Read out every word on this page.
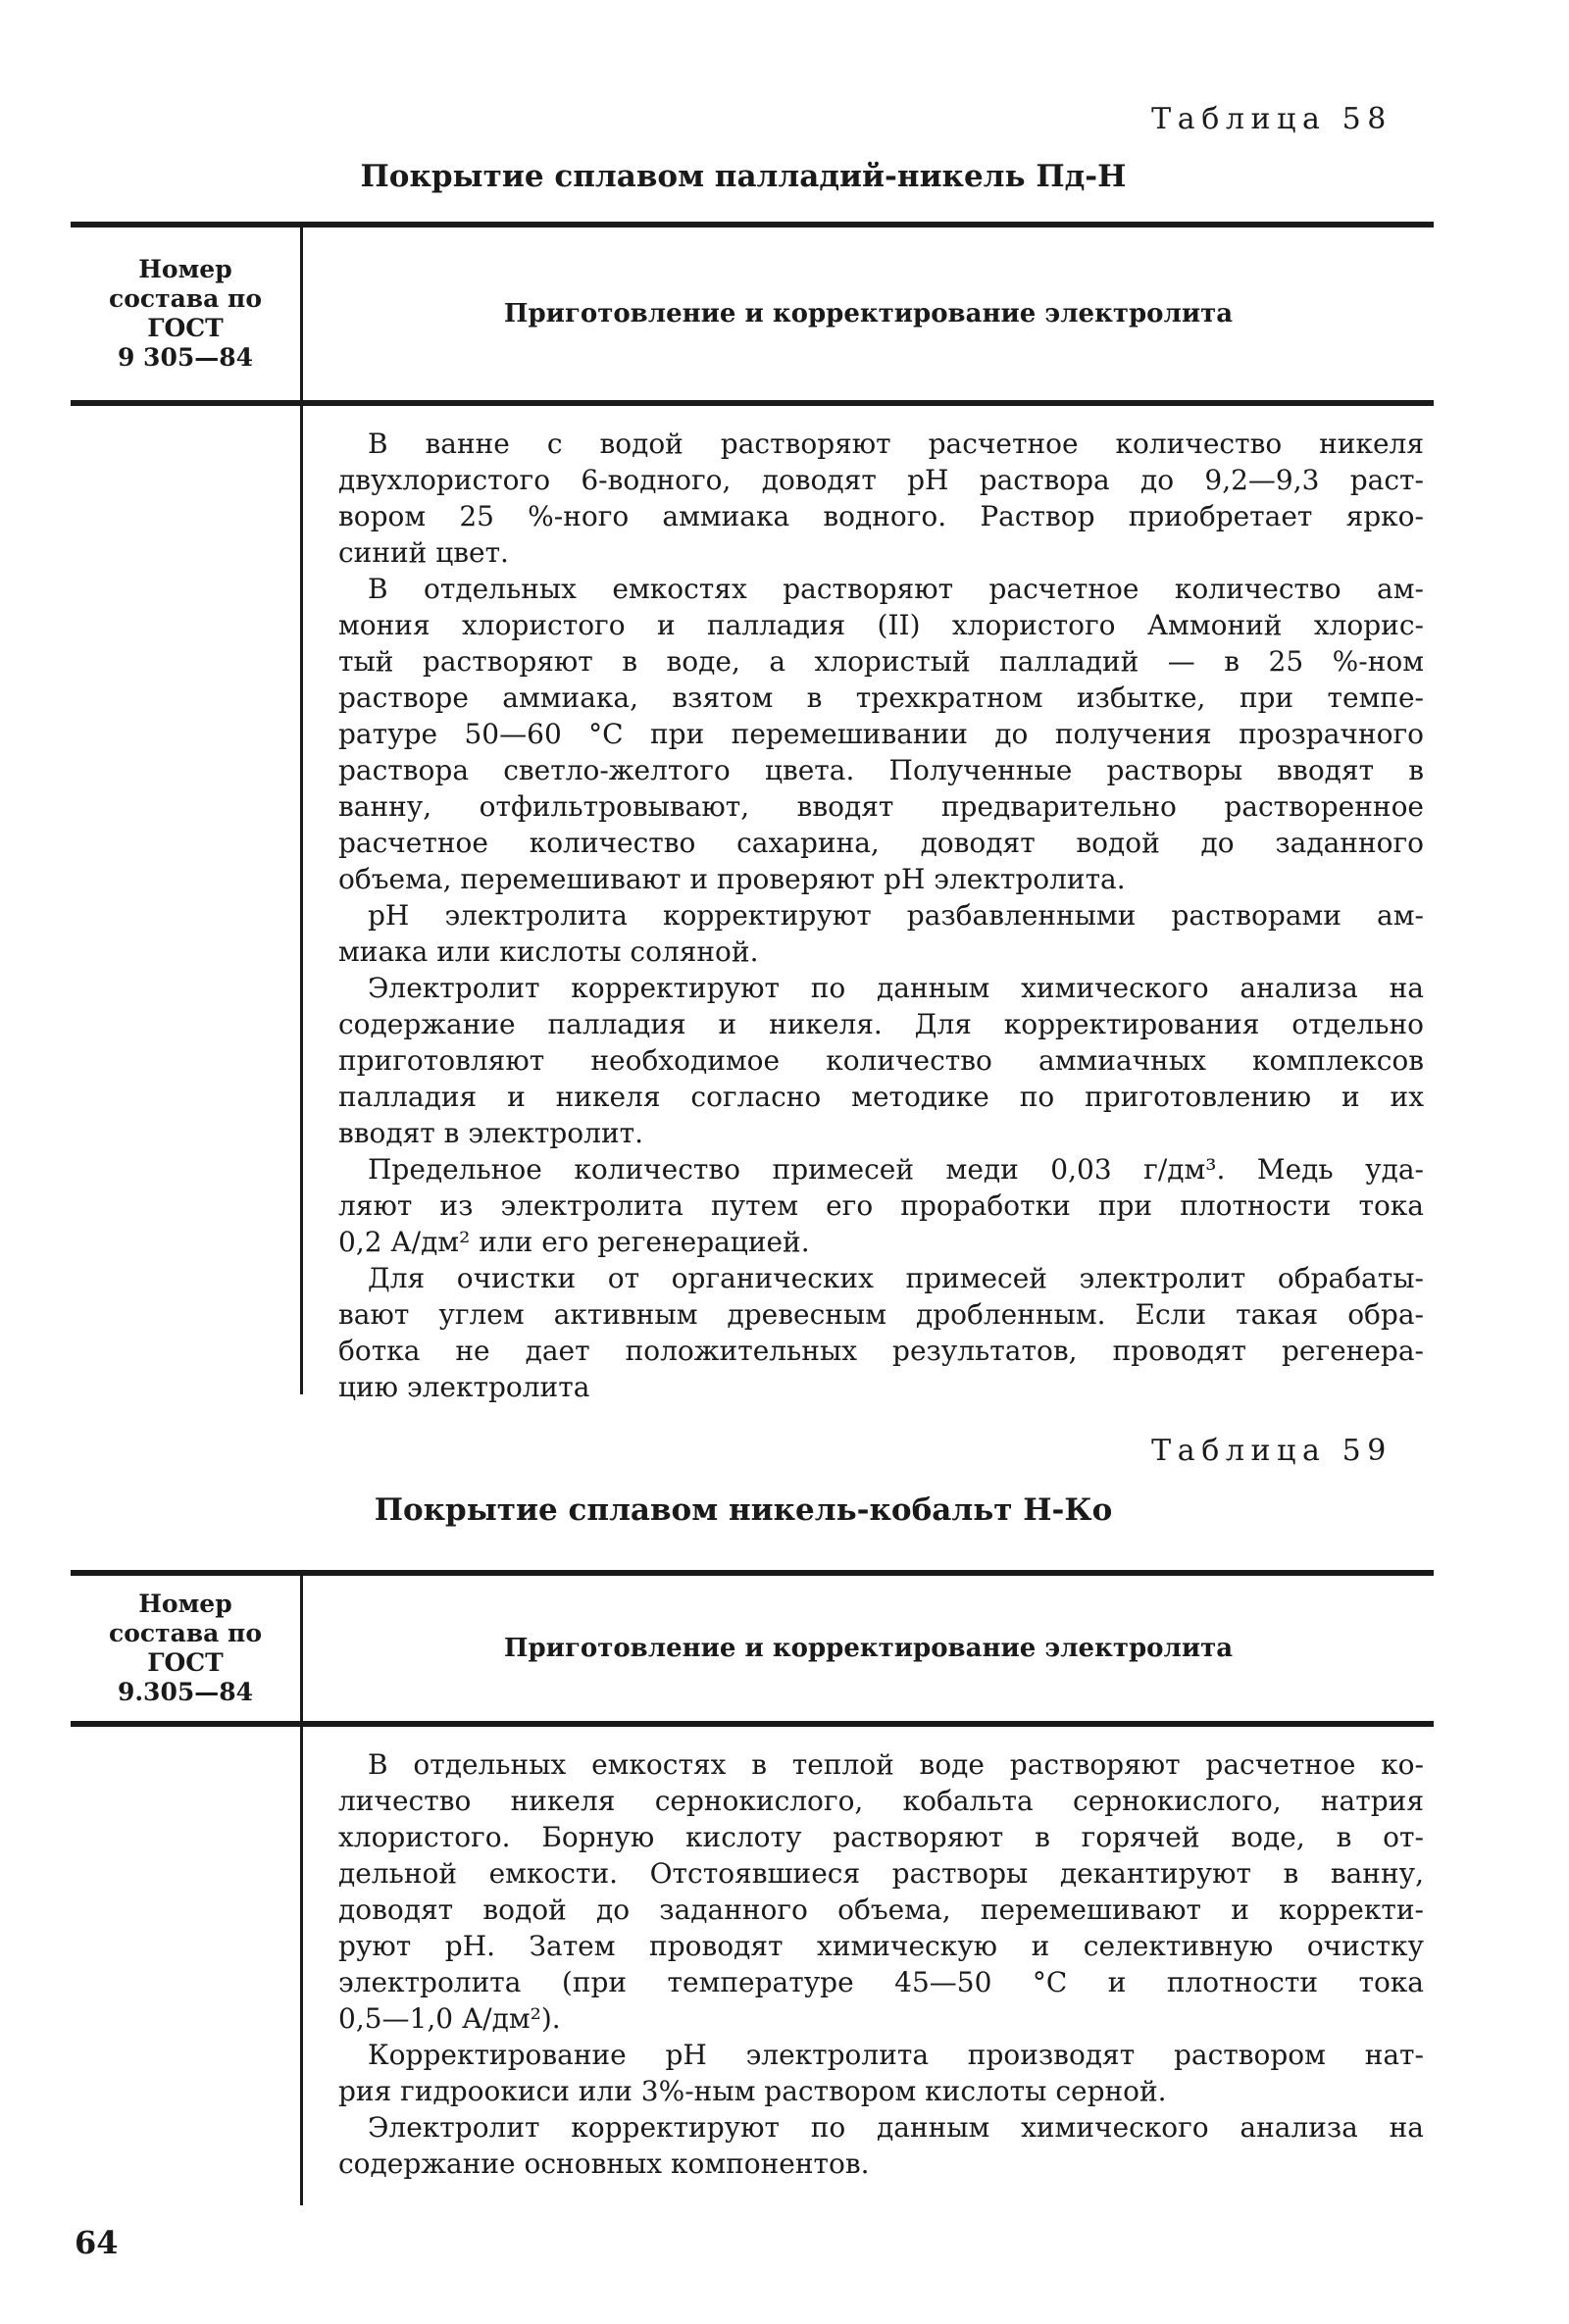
Таблица 58
Покрытие сплавом палладий-никель Пд-Н
Номер
состава по
ГОСТ
9 305—84
Приготовление и корректирование электролита
В ванне с водой растворяют расчетное количество никеля
двухлористого 6-водного, доводят рН раствора до 9,2—9,3 раст-
вором 25 %-ного аммиака водного. Раствор приобретает ярко-
синий цвет.
В отдельных емкостях растворяют расчетное количество ам-
мония хлористого и палладия (II) хлористого Аммоний хлорис-
тый растворяют в воде, а хлористый палладий — в 25 %-ном
растворе аммиака, взятом в трехкратном избытке, при темпе-
ратуре 50—60 °С при перемешивании до получения прозрачного
раствора светло-желтого цвета. Полученные растворы вводят в
ванну, отфильтровывают, вводят предварительно растворенное
расчетное количество сахарина, доводят водой до заданного
объема, перемешивают и проверяют рН электролита.
рН электролита корректируют разбавленными растворами ам-
миака или кислоты соляной.
Электролит корректируют по данным химического анализа на
содержание палладия и никеля. Для корректирования отдельно
приготовляют необходимое количество аммиачных комплексов
палладия и никеля согласно методике по приготовлению и их
вводят в электролит.
Предельное количество примесей меди 0,03 г/дм³. Медь уда-
ляют из электролита путем его проработки при плотности тока
0,2 А/дм² или его регенерацией.
Для очистки от органических примесей электролит обрабаты-
вают углем активным древесным дробленным. Если такая обра-
ботка не дает положительных результатов, проводят регенера-
цию электролита
Таблица 59
Покрытие сплавом никель-кобальт Н-Ко
Номер
состава по
ГОСТ
9.305—84
Приготовление и корректирование электролита
В отдельных емкостях в теплой воде растворяют расчетное ко-
личество никеля сернокислого, кобальта сернокислого, натрия
хлористого. Борную кислоту растворяют в горячей воде, в от-
дельной емкости. Отстоявшиеся растворы декантируют в ванну,
доводят водой до заданного объема, перемешивают и корректи-
руют рН. Затем проводят химическую и селективную очистку
электролита (при температуре 45—50 °С и плотности тока
0,5—1,0 А/дм²).
Корректирование рН электролита производят раствором нат-
рия гидроокиси или 3%-ным раствором кислоты серной.
Электролит корректируют по данным химического анализа на
содержание основных компонентов.
64
